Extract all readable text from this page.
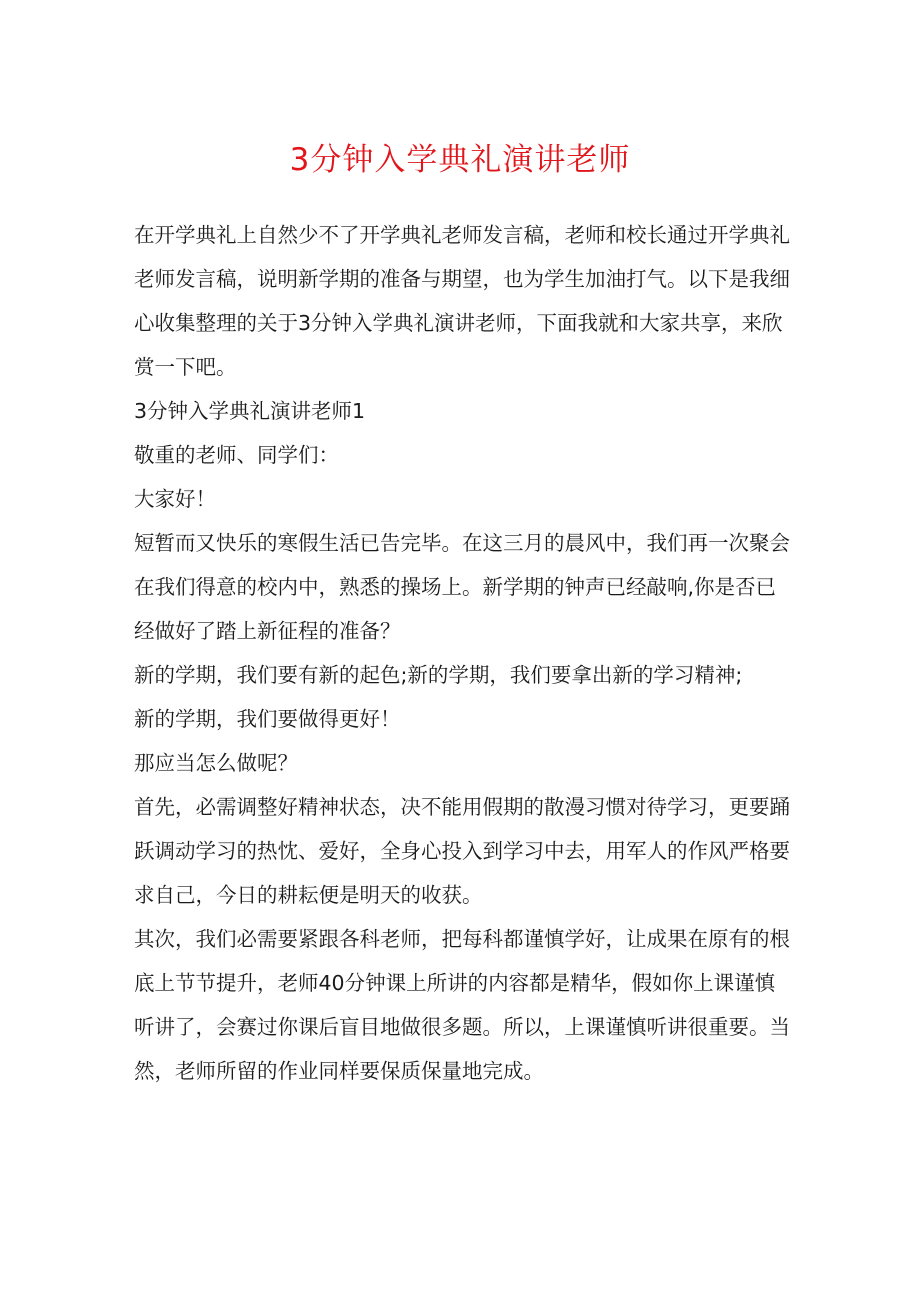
3分钟入学典礼演讲老师

在开学典礼上自然少不了开学典礼老师发言稿，老师和校长通过开学典礼老师发言稿，说明新学期的准备与期望，也为学生加油打气。以下是我细心收集整理的关于3分钟入学典礼演讲老师，下面我就和大家共享，来欣赏一下吧。

3分钟入学典礼演讲老师1

敬重的老师、同学们：

大家好！

短暂而又快乐的寒假生活已告完毕。在这三月的晨风中，我们再一次聚会在我们得意的校内中，熟悉的操场上。新学期的钟声已经敲响,你是否已经做好了踏上新征程的准备？

新的学期，我们要有新的起色;新的学期，我们要拿出新的学习精神;

新的学期，我们要做得更好！

那应当怎么做呢？

首先，必需调整好精神状态，决不能用假期的散漫习惯对待学习，更要踊跃调动学习的热忱、爱好，全身心投入到学习中去，用军人的作风严格要求自己，今日的耕耘便是明天的收获。

其次，我们必需要紧跟各科老师，把每科都谨慎学好，让成果在原有的根底上节节提升，老师40分钟课上所讲的内容都是精华，假如你上课谨慎听讲了，会赛过你课后盲目地做很多题。所以，上课谨慎听讲很重要。当然，老师所留的作业同样要保质保量地完成。
